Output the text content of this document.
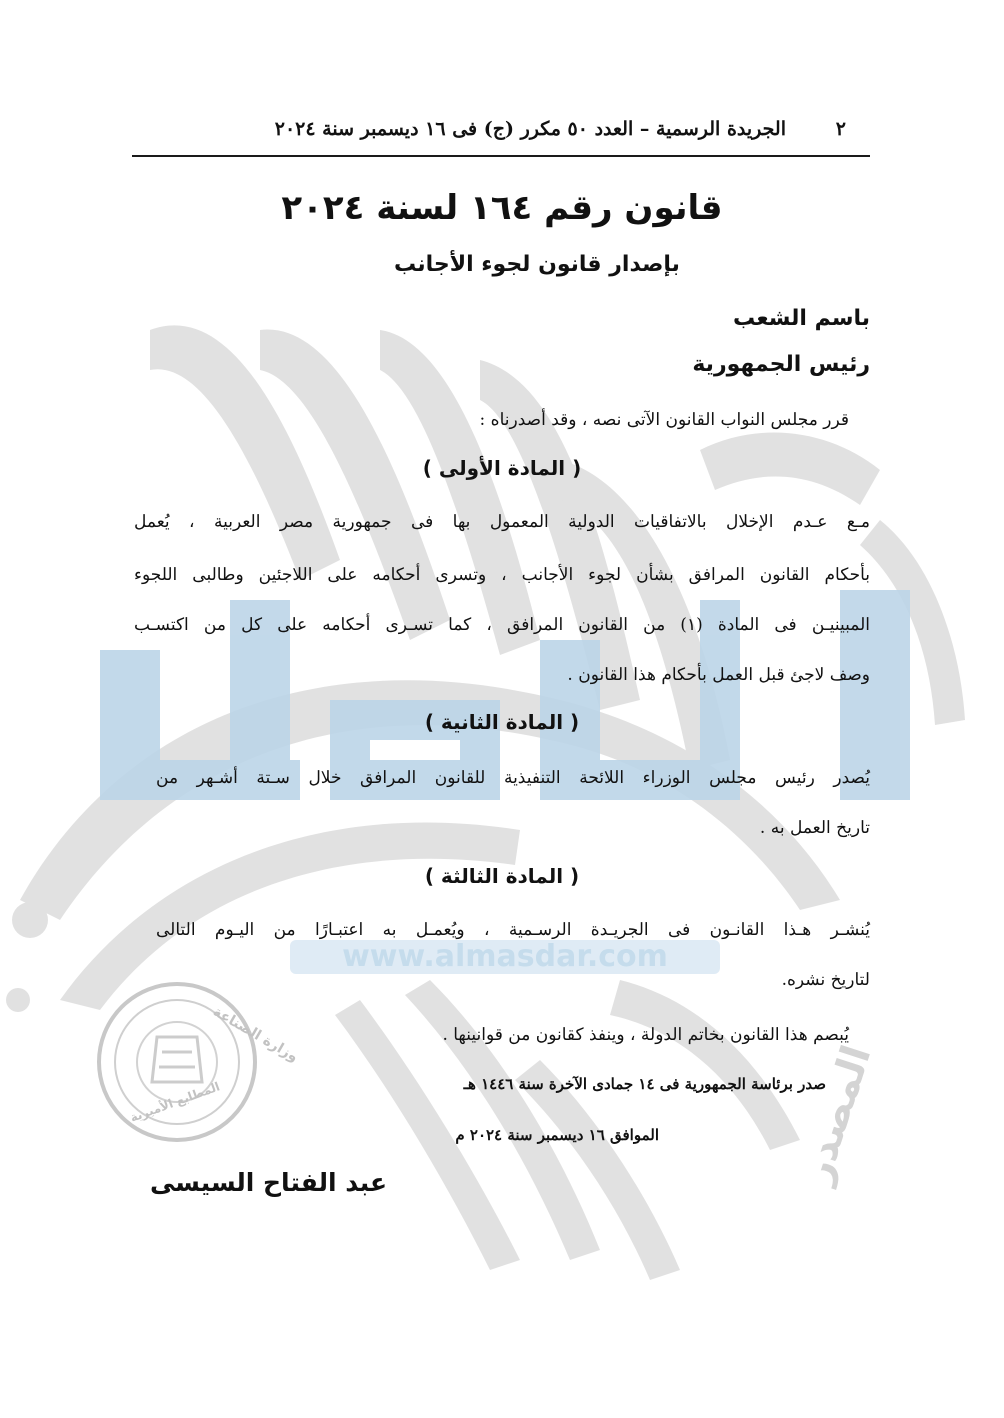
www.almasdar.com
المصدر
وزارة الصناعة
المطابع الأميرية
٢
الجريدة الرسمية – العدد ٥٠ مكرر (ج) فى ١٦ ديسمبر سنة ٢٠٢٤
قانون رقم ١٦٤ لسنة ٢٠٢٤
بإصدار قانون لجوء الأجانب
باسم الشعب
رئيس الجمهورية
قرر مجلس النواب القانون الآتى نصه ، وقد أصدرناه :
( المادة الأولى )
مـع عـدم الإخلال بالاتفاقيات الدولية المعمول بها فى جمهورية مصر العربية ، يُعمل
بأحكام القانون المرافق بشأن لجوء الأجانب ، وتسرى أحكامه على اللاجئين وطالبى اللجوء
المبينيـن فى المادة (١) من القانون المرافق ، كما تسـرى أحكامه على كل من اكتسـب
وصف لاجئ قبل العمل بأحكام هذا القانون .
( المادة الثانية )
يُصدر رئيس مجلس الوزراء اللائحة التنفيذية للقانون المرافق خلال سـتة أشـهر من
تاريخ العمل به .
( المادة الثالثة )
يُنشـر هـذا القانـون فى الجريـدة الرسـمية ، ويُعمـل به اعتبـارًا من اليـوم التالى
لتاريخ نشره.
يُبصم هذا القانون بخاتم الدولة ، وينفذ كقانون من قوانينها .
صدر برئاسة الجمهورية فى ١٤ جمادى الآخرة سنة ١٤٤٦ هـ
الموافق ١٦ ديسمبر سنة ٢٠٢٤ م
عبد الفتاح السيسى
